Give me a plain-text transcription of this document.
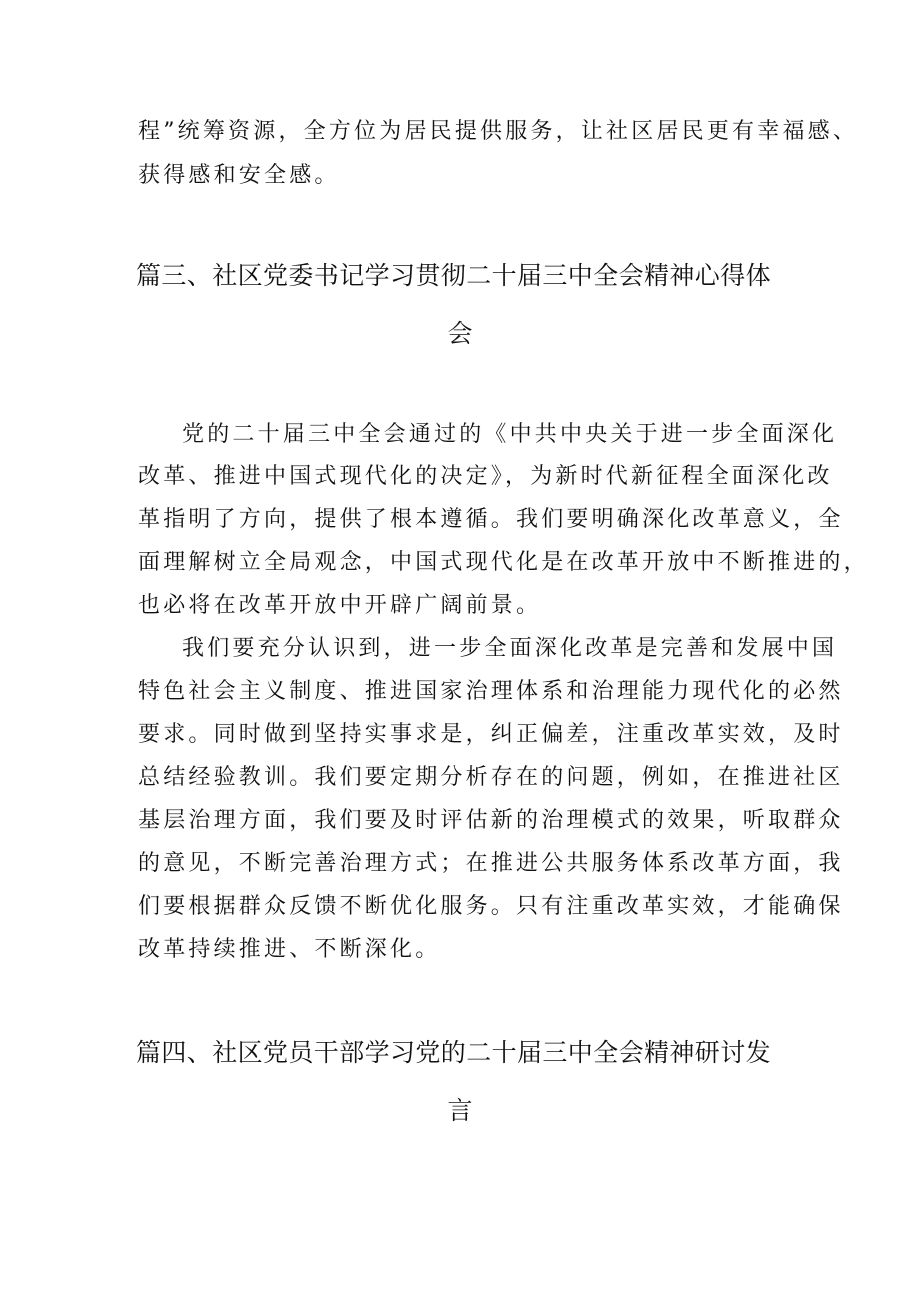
程”统筹资源，全方位为居民提供服务，让社区居民更有幸福感、
获得感和安全感。
篇三、社区党委书记学习贯彻二十届三中全会精神心得体
会
党的二十届三中全会通过的《中共中央关于进一步全面深化
改革、推进中国式现代化的决定》，为新时代新征程全面深化改
革指明了方向，提供了根本遵循。我们要明确深化改革意义，全
面理解树立全局观念，中国式现代化是在改革开放中不断推进的，
也必将在改革开放中开辟广阔前景。
我们要充分认识到，进一步全面深化改革是完善和发展中国
特色社会主义制度、推进国家治理体系和治理能力现代化的必然
要求。同时做到坚持实事求是，纠正偏差，注重改革实效，及时
总结经验教训。我们要定期分析存在的问题，例如，在推进社区
基层治理方面，我们要及时评估新的治理模式的效果，听取群众
的意见，不断完善治理方式；在推进公共服务体系改革方面，我
们要根据群众反馈不断优化服务。只有注重改革实效，才能确保
改革持续推进、不断深化。
篇四、社区党员干部学习党的二十届三中全会精神研讨发
言
